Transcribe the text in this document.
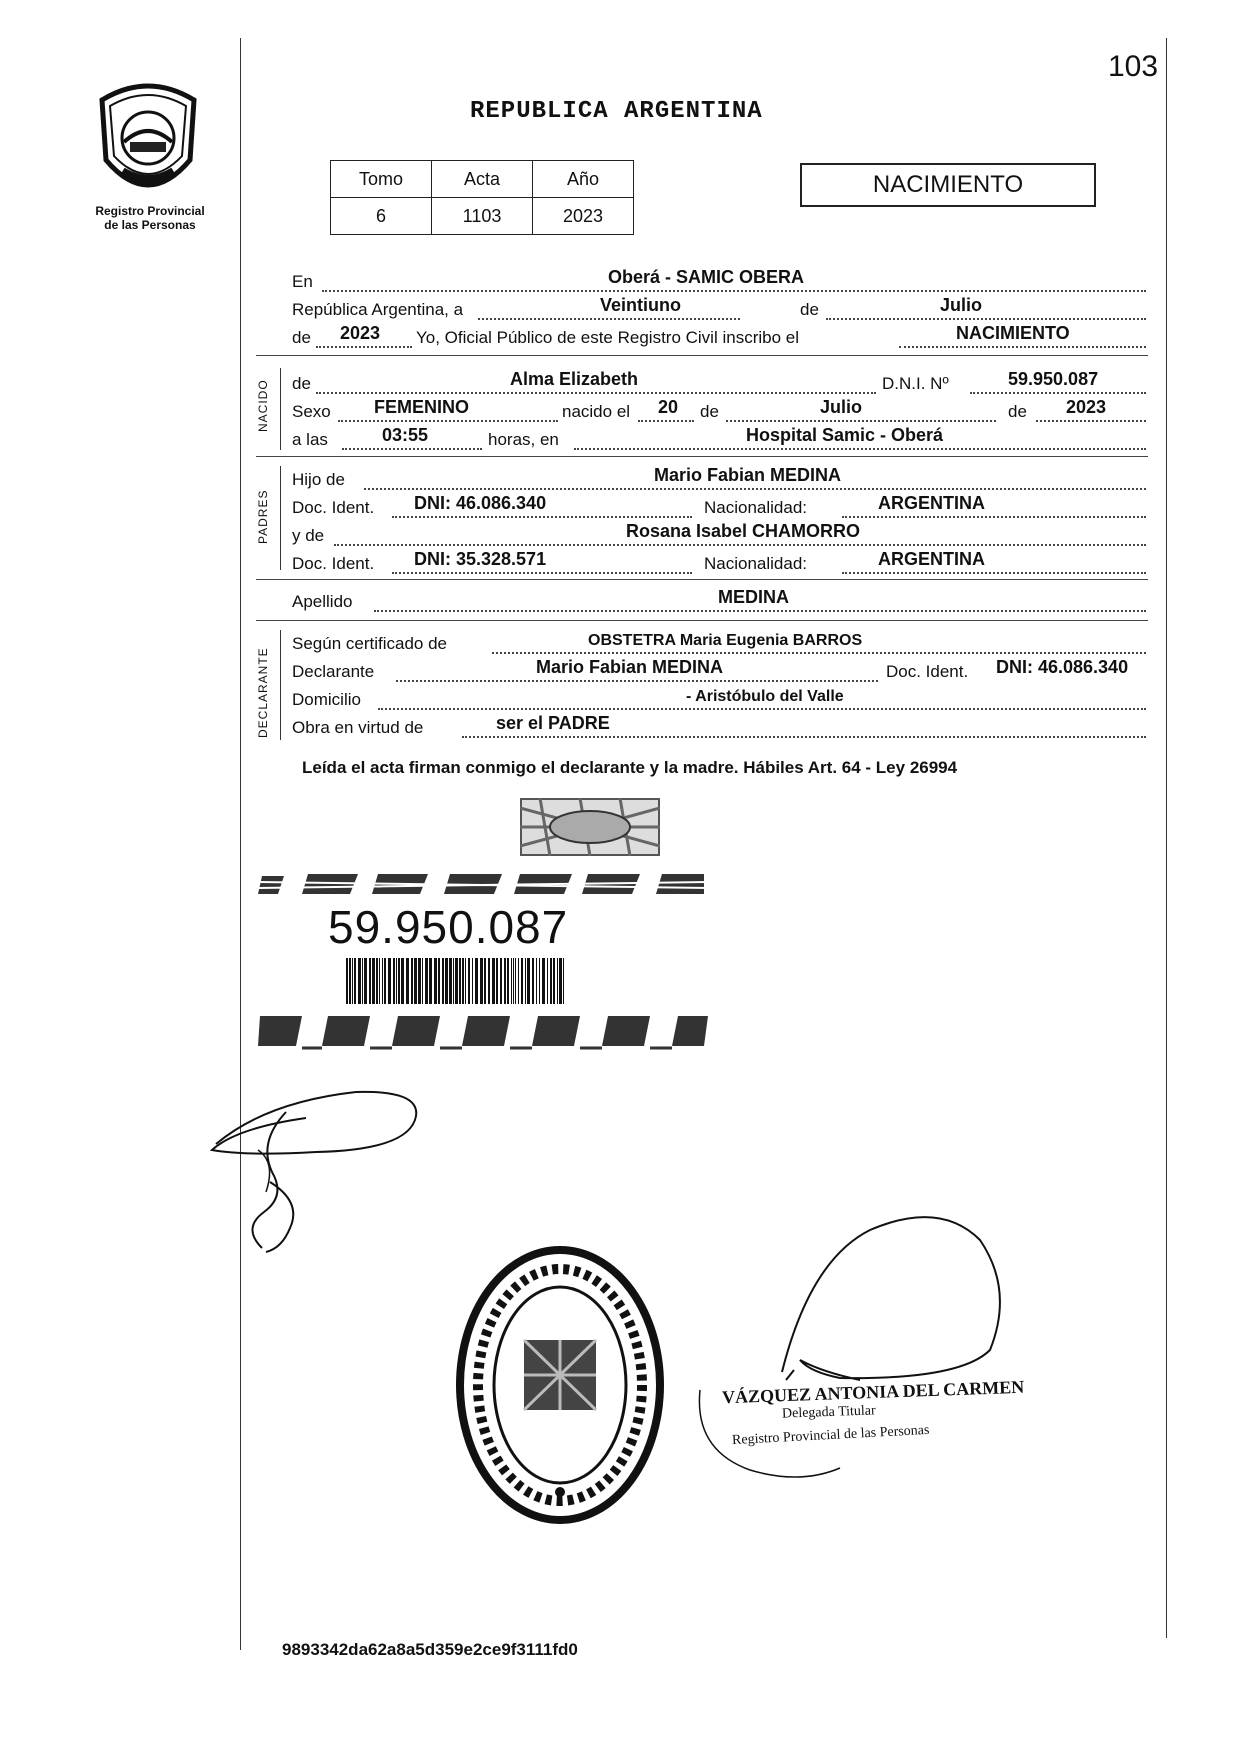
103
Registro Provincial
de las Personas
REPUBLICA ARGENTINA
Tomo	Acta	Año
6	1103	2023
NACIMIENTO
En	Oberá - SAMIC OBERA
República Argentina, a	Veintiuno	de	Julio
de 2023 Yo, Oficial Público de este Registro Civil inscribo el	NACIMIENTO
NACIDO de	Alma Elizabeth	D.N.I. Nº	59.950.087
Sexo FEMENINO	nacido el 20 de	Julio	de 2023
a las	03:55	horas, en	Hospital Samic - Oberá
PADRES
Hijo de	Mario Fabian MEDINA
Doc. Ident. DNI: 46.086.340	Nacionalidad:	ARGENTINA
y de	Rosana Isabel CHAMORRO
Doc. Ident. DNI: 35.328.571	Nacionalidad:	ARGENTINA
Apellido	MEDINA
DECLARANTE
Según certificado de	OBSTETRA Maria Eugenia BARROS
Declarante	Mario Fabian MEDINA	Doc. Ident. DNI: 46.086.340
Domicilio	- Aristóbulo del Valle
Obra en virtud de	ser el PADRE
Leída el acta firman conmigo el declarante y la madre. Hábiles Art. 64 - Ley 26994
59.950.087
VÁZQUEZ ANTONIA DEL CARMEN
Delegada Titular
Registro Provincial de las Personas
9893342da62a8a5d359e2ce9f3111fd0
